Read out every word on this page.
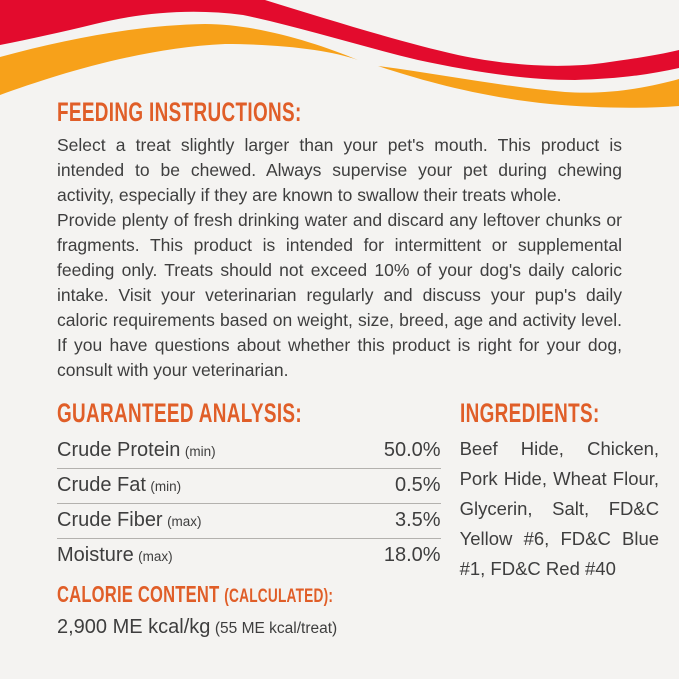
FEEDING INSTRUCTIONS:

Select a treat slightly larger than your pet's mouth. This product is intended to be chewed. Always supervise your pet during chewing activity, especially if they are known to swallow their treats whole.

Provide plenty of fresh drinking water and discard any leftover chunks or fragments. This product is intended for intermittent or supplemental feeding only. Treats should not exceed 10% of your dog's daily caloric intake. Visit your veterinarian regularly and discuss your pup's daily caloric requirements based on weight, size, breed, age and activity level. If you have questions about whether this product is right for your dog, consult with your veterinarian.

GUARANTEED ANALYSIS:
Crude Protein (min)	50.0%
Crude Fat (min)	0.5%
Crude Fiber (max)	3.5%
Moisture (max)	18.0%
CALORIE CONTENT (CALCULATED):
2,900 ME kcal/kg (55 ME kcal/treat)
INGREDIENTS:

Beef Hide, Chicken, Pork Hide, Wheat Flour, Glycerin, Salt, FD&C Yellow #6, FD&C Blue #1, FD&C Red #40
